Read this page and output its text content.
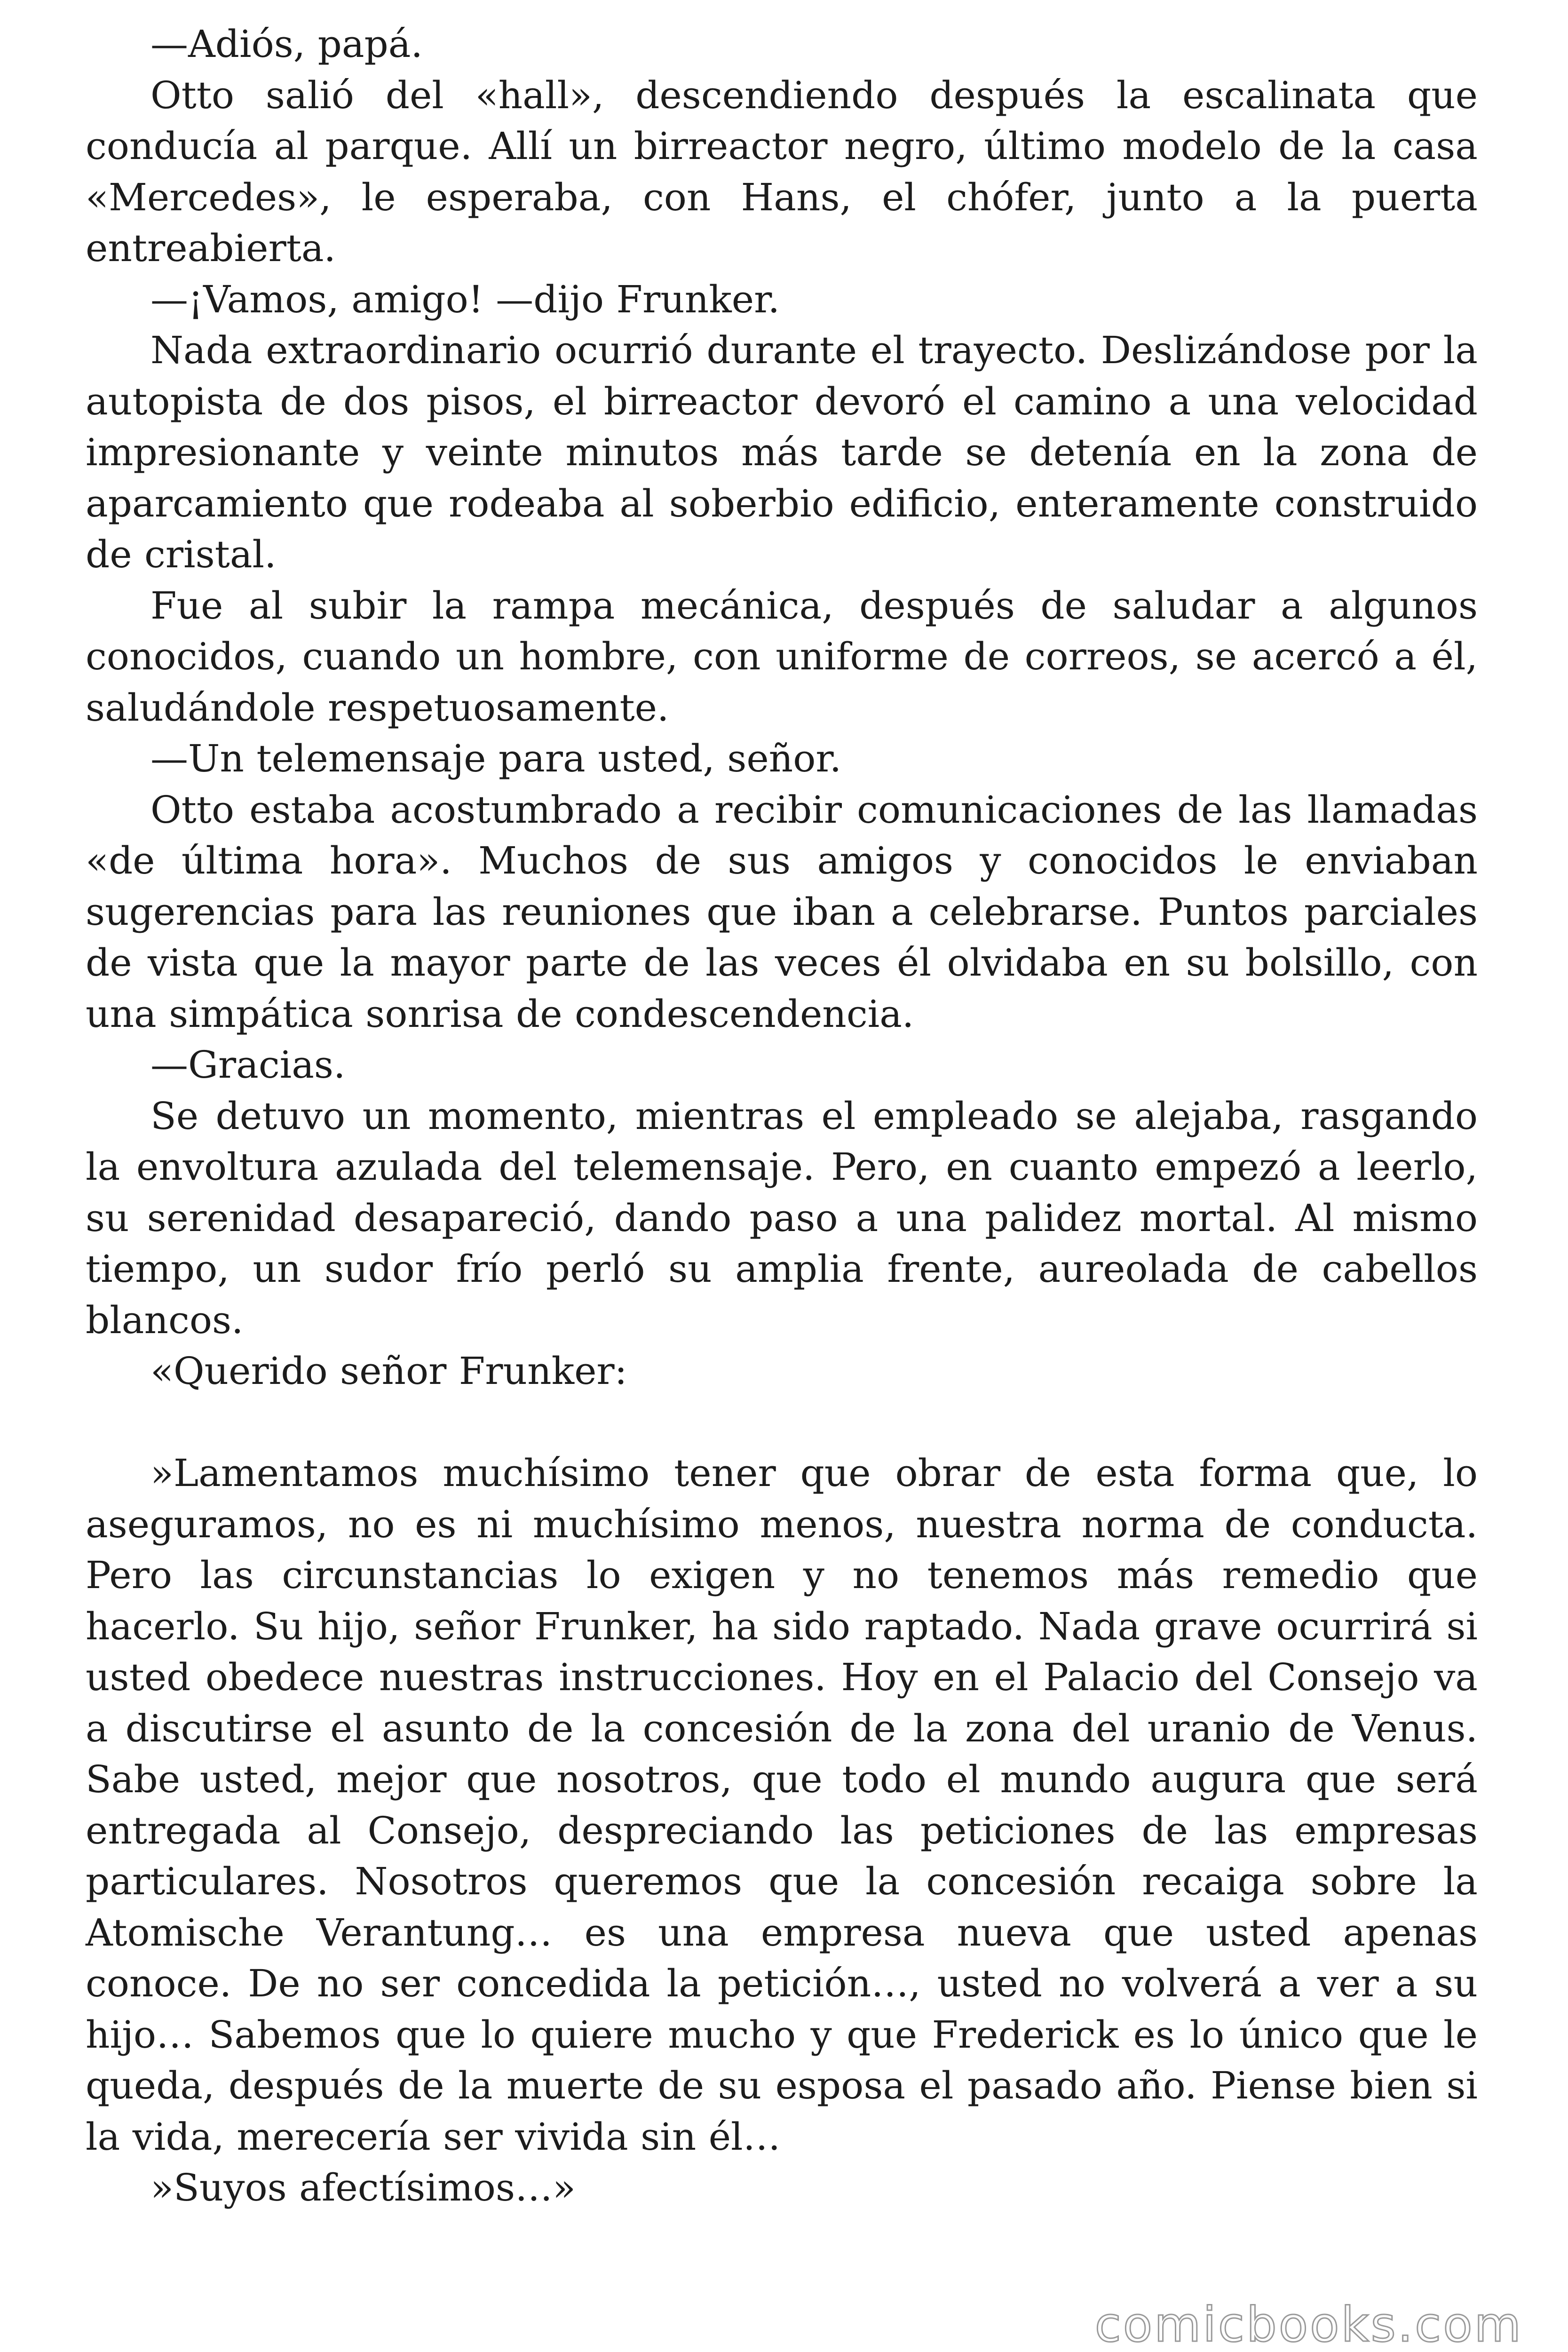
—Adiós, papá.

Otto salió del «hall», descendiendo después la escalinata que conducía al parque. Allí un birreactor negro, último modelo de la casa «Mercedes», le esperaba, con Hans, el chófer, junto a la puerta entreabierta.

—¡Vamos, amigo! —dijo Frunker.

Nada extraordinario ocurrió durante el trayecto. Deslizándose por la autopista de dos pisos, el birreactor devoró el camino a una velocidad impresionante y veinte minutos más tarde se detenía en la zona de aparcamiento que rodeaba al soberbio edificio, enteramente construido de cristal.

Fue al subir la rampa mecánica, después de saludar a algunos conocidos, cuando un hombre, con uniforme de correos, se acercó a él, saludándole respetuosamente.

—Un telemensaje para usted, señor.

Otto estaba acostumbrado a recibir comunicaciones de las llamadas «de última hora». Muchos de sus amigos y conocidos le enviaban sugerencias para las reuniones que iban a celebrarse. Puntos parciales de vista que la mayor parte de las veces él olvidaba en su bolsillo, con una simpática sonrisa de condescendencia.

—Gracias.

Se detuvo un momento, mientras el empleado se alejaba, rasgando la envoltura azulada del telemensaje. Pero, en cuanto empezó a leerlo, su serenidad desapareció, dando paso a una palidez mortal. Al mismo tiempo, un sudor frío perló su amplia frente, aureolada de cabellos blancos.

«Querido señor Frunker:

»Lamentamos muchísimo tener que obrar de esta forma que, lo aseguramos, no es ni muchísimo menos, nuestra norma de conducta. Pero las circunstancias lo exigen y no tenemos más remedio que hacerlo. Su hijo, señor Frunker, ha sido raptado. Nada grave ocurrirá si usted obedece nuestras instrucciones. Hoy en el Palacio del Consejo va a discutirse el asunto de la concesión de la zona del uranio de Venus. Sabe usted, mejor que nosotros, que todo el mundo augura que será entregada al Consejo, despreciando las peticiones de las empresas particulares. Nosotros queremos que la concesión recaiga sobre la Atomische Verantung… es una empresa nueva que usted apenas conoce. De no ser concedida la petición…, usted no volverá a ver a su hijo… Sabemos que lo quiere mucho y que Frederick es lo único que le queda, después de la muerte de su esposa el pasado año. Piense bien si la vida, merecería ser vivida sin él…

»Suyos afectísimos…»

comicbooks.com
